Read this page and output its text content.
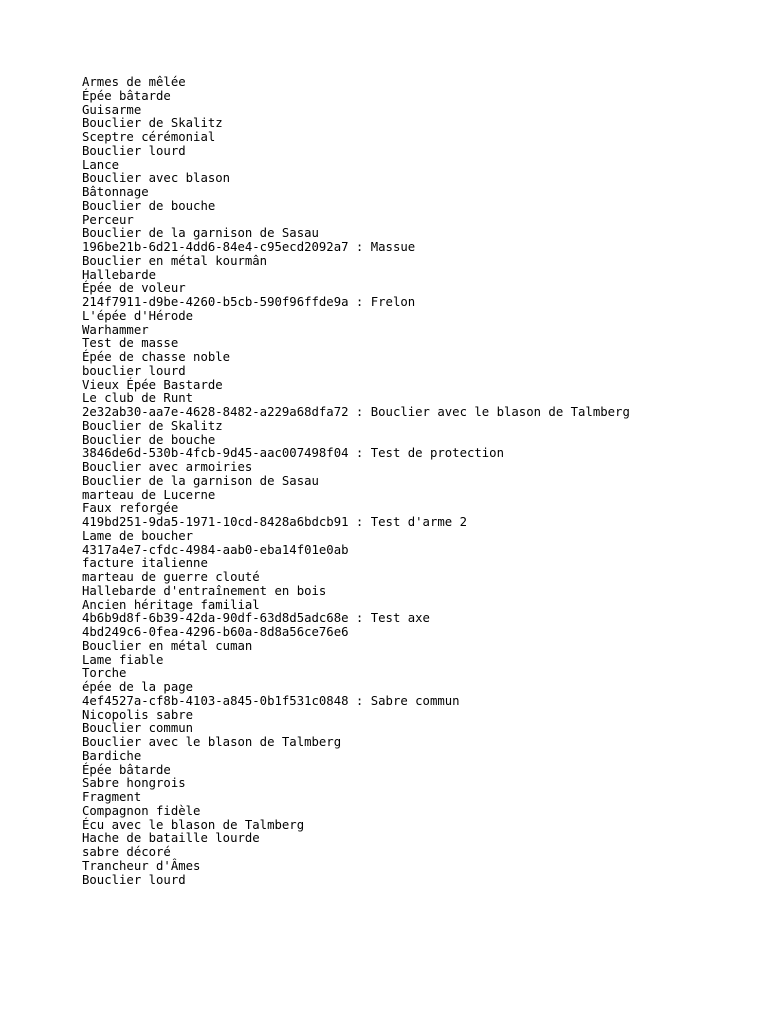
Armes de mêlée
Épée bâtarde
Guisarme
Bouclier de Skalitz
Sceptre cérémonial
Bouclier lourd
Lance
Bouclier avec blason
Bâtonnage
Bouclier de bouche
Perceur
Bouclier de la garnison de Sasau
196be21b-6d21-4dd6-84e4-c95ecd2092a7 : Massue
Bouclier en métal kourmân
Hallebarde
Épée de voleur
214f7911-d9be-4260-b5cb-590f96ffde9a : Frelon
L'épée d'Hérode
Warhammer
Test de masse
Épée de chasse noble
bouclier lourd
Vieux Épée Bastarde
Le club de Runt
2e32ab30-aa7e-4628-8482-a229a68dfa72 : Bouclier avec le blason de Talmberg
Bouclier de Skalitz
Bouclier de bouche
3846de6d-530b-4fcb-9d45-aac007498f04 : Test de protection
Bouclier avec armoiries
Bouclier de la garnison de Sasau
marteau de Lucerne
Faux reforgée
419bd251-9da5-1971-10cd-8428a6bdcb91 : Test d'arme 2
Lame de boucher
4317a4e7-cfdc-4984-aab0-eba14f01e0ab
facture italienne
marteau de guerre clouté
Hallebarde d'entraînement en bois
Ancien héritage familial
4b6b9d8f-6b39-42da-90df-63d8d5adc68e : Test axe
4bd249c6-0fea-4296-b60a-8d8a56ce76e6
Bouclier en métal cuman
Lame fiable
Torche
épée de la page
4ef4527a-cf8b-4103-a845-0b1f531c0848 : Sabre commun
Nicopolis sabre
Bouclier commun
Bouclier avec le blason de Talmberg
Bardiche
Épée bâtarde
Sabre hongrois
Fragment
Compagnon fidèle
Écu avec le blason de Talmberg
Hache de bataille lourde
sabre décoré
Trancheur d'Âmes
Bouclier lourd
